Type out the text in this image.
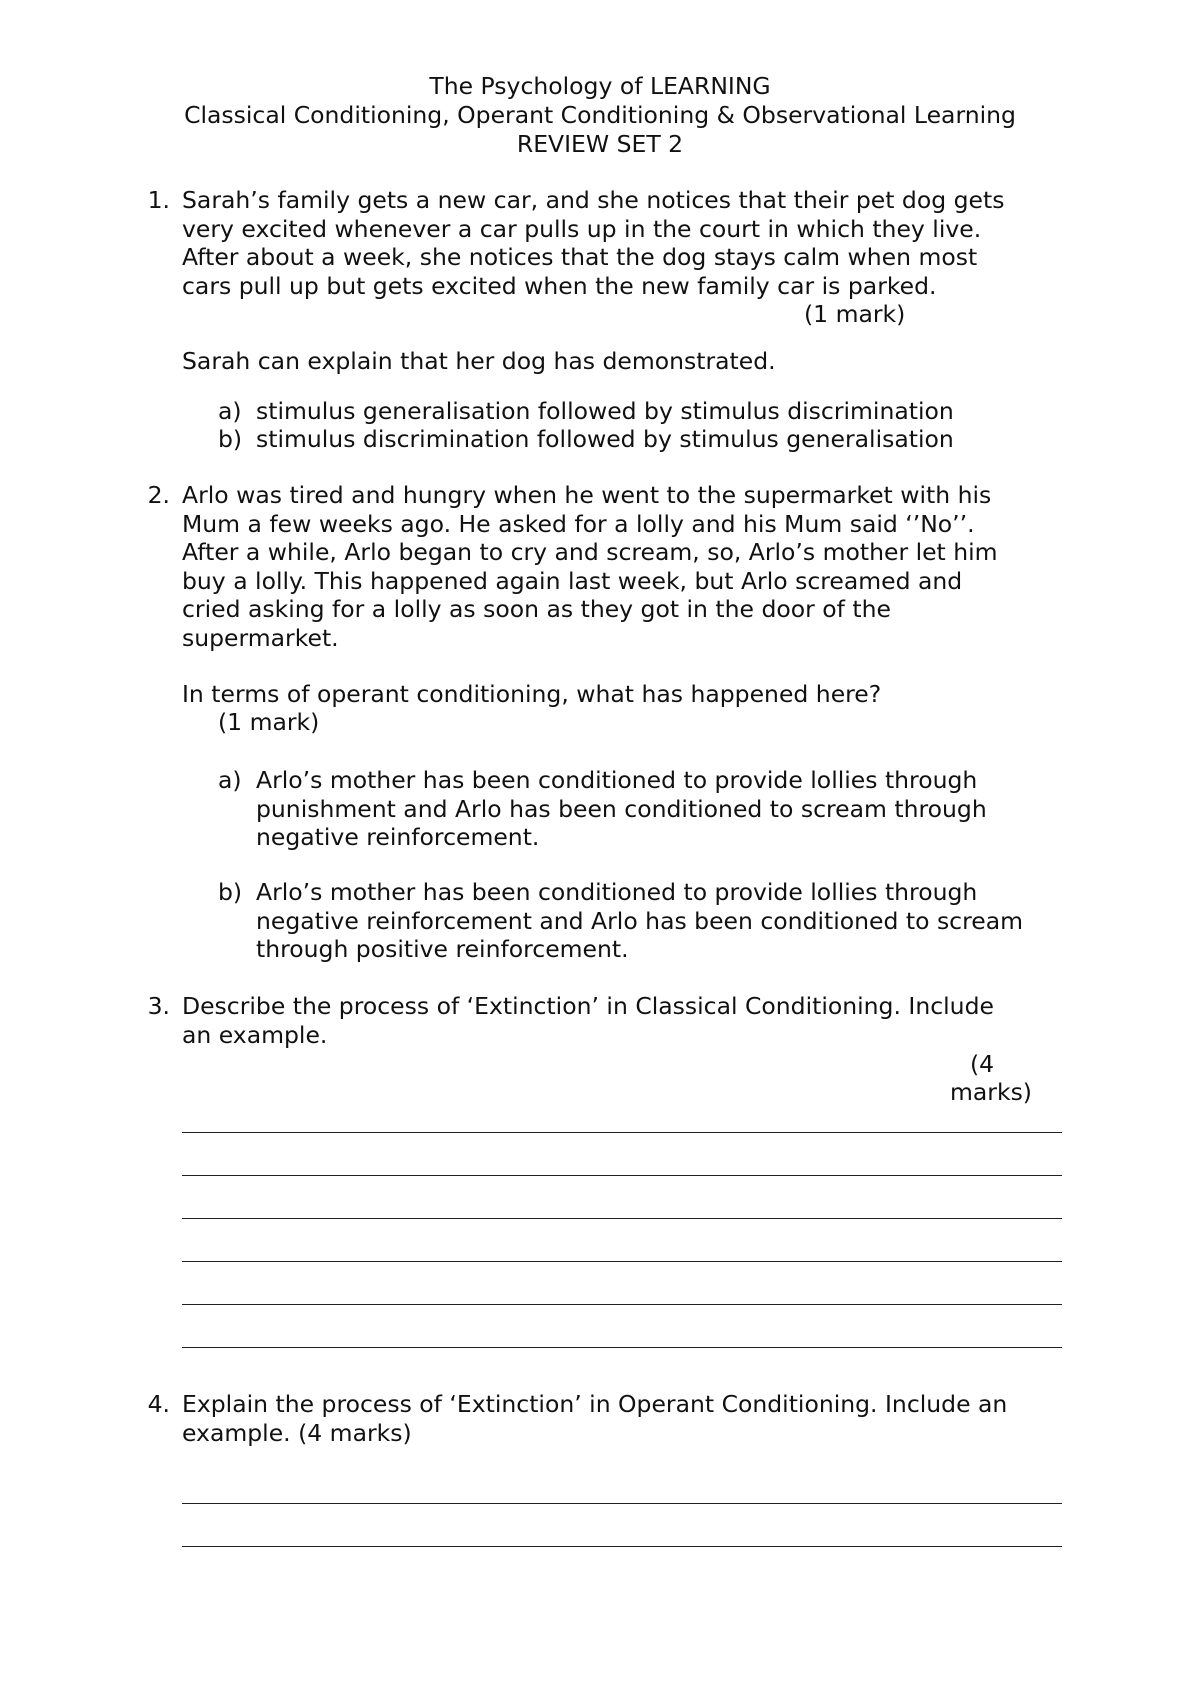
The Psychology of LEARNING
Classical Conditioning, Operant Conditioning & Observational Learning
REVIEW SET 2
1. Sarah’s family gets a new car, and she notices that their pet dog gets
very excited whenever a car pulls up in the court in which they live.
After about a week, she notices that the dog stays calm when most
cars pull up but gets excited when the new family car is parked.
(1 mark)
Sarah can explain that her dog has demonstrated.
a) stimulus generalisation followed by stimulus discrimination
b) stimulus discrimination followed by stimulus generalisation
2. Arlo was tired and hungry when he went to the supermarket with his
Mum a few weeks ago. He asked for a lolly and his Mum said ‘’No’’.
After a while, Arlo began to cry and scream, so, Arlo’s mother let him
buy a lolly. This happened again last week, but Arlo screamed and
cried asking for a lolly as soon as they got in the door of the
supermarket.
In terms of operant conditioning, what has happened here?
(1 mark)
a) Arlo’s mother has been conditioned to provide lollies through
punishment and Arlo has been conditioned to scream through
negative reinforcement.
b) Arlo’s mother has been conditioned to provide lollies through
negative reinforcement and Arlo has been conditioned to scream
through positive reinforcement.
3. Describe the process of ‘Extinction’ in Classical Conditioning. Include
an example.
(4
marks)
4. Explain the process of ‘Extinction’ in Operant Conditioning. Include an
example. (4 marks)
